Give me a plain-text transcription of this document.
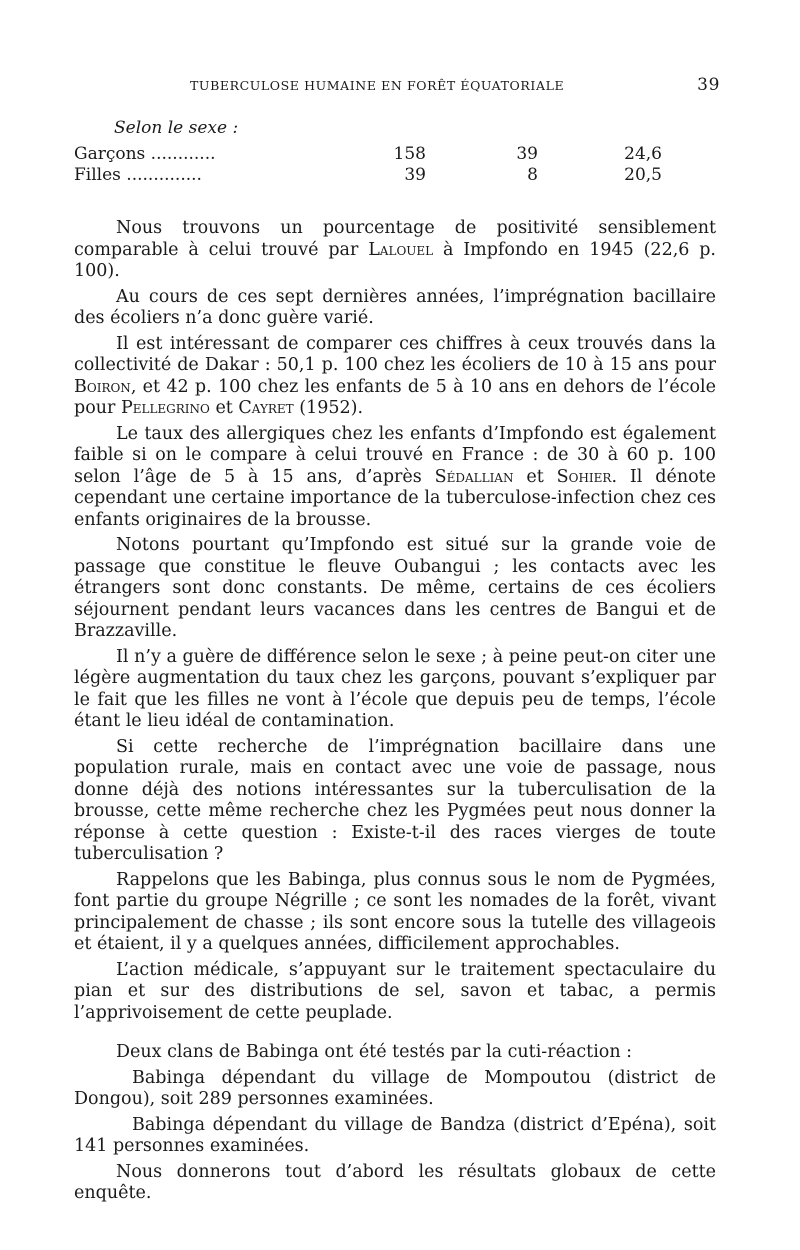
TUBERCULOSE HUMAINE EN FORÊT ÉQUATORIALE	39
Selon le sexe :
Garçons ............	158	39	24,6
Filles ..............	39	8	20,5

Nous trouvons un pourcentage de positivité sensiblement comparable à celui trouvé par Lalouel à Impfondo en 1945 (22,6 p. 100).

Au cours de ces sept dernières années, l’imprégnation bacillaire des écoliers n’a donc guère varié.

Il est intéressant de comparer ces chiffres à ceux trouvés dans la collectivité de Dakar : 50,1 p. 100 chez les écoliers de 10 à 15 ans pour Boiron, et 42 p. 100 chez les enfants de 5 à 10 ans en dehors de l’école pour Pellegrino et Cayret (1952).

Le taux des allergiques chez les enfants d’Impfondo est également faible si on le compare à celui trouvé en France : de 30 à 60 p. 100 selon l’âge de 5 à 15 ans, d’après Sédallian et Sohier. Il dénote cependant une certaine importance de la tuberculose-infection chez ces enfants originaires de la brousse.

Notons pourtant qu’Impfondo est situé sur la grande voie de passage que constitue le fleuve Oubangui ; les contacts avec les étrangers sont donc constants. De même, certains de ces écoliers séjournent pendant leurs vacances dans les centres de Bangui et de Brazzaville.

Il n’y a guère de différence selon le sexe ; à peine peut-on citer une légère augmentation du taux chez les garçons, pouvant s’expliquer par le fait que les filles ne vont à l’école que depuis peu de temps, l’école étant le lieu idéal de contamination.

Si cette recherche de l’imprégnation bacillaire dans une population rurale, mais en contact avec une voie de passage, nous donne déjà des notions intéressantes sur la tuberculisation de la brousse, cette même recherche chez les Pygmées peut nous donner la réponse à cette question : Existe-t-il des races vierges de toute tuberculisation ?

Rappelons que les Babinga, plus connus sous le nom de Pygmées, font partie du groupe Négrille ; ce sont les nomades de la forêt, vivant principalement de chasse ; ils sont encore sous la tutelle des villageois et étaient, il y a quelques années, difficilement approchables.

L’action médicale, s’appuyant sur le traitement spectaculaire du pian et sur des distributions de sel, savon et tabac, a permis l’apprivoisement de cette peuplade.

Deux clans de Babinga ont été testés par la cuti-réaction :

Babinga dépendant du village de Mompoutou (district de Dongou), soit 289 personnes examinées.

Babinga dépendant du village de Bandza (district d’Epéna), soit 141 personnes examinées.

Nous donnerons tout d’abord les résultats globaux de cette enquête.
